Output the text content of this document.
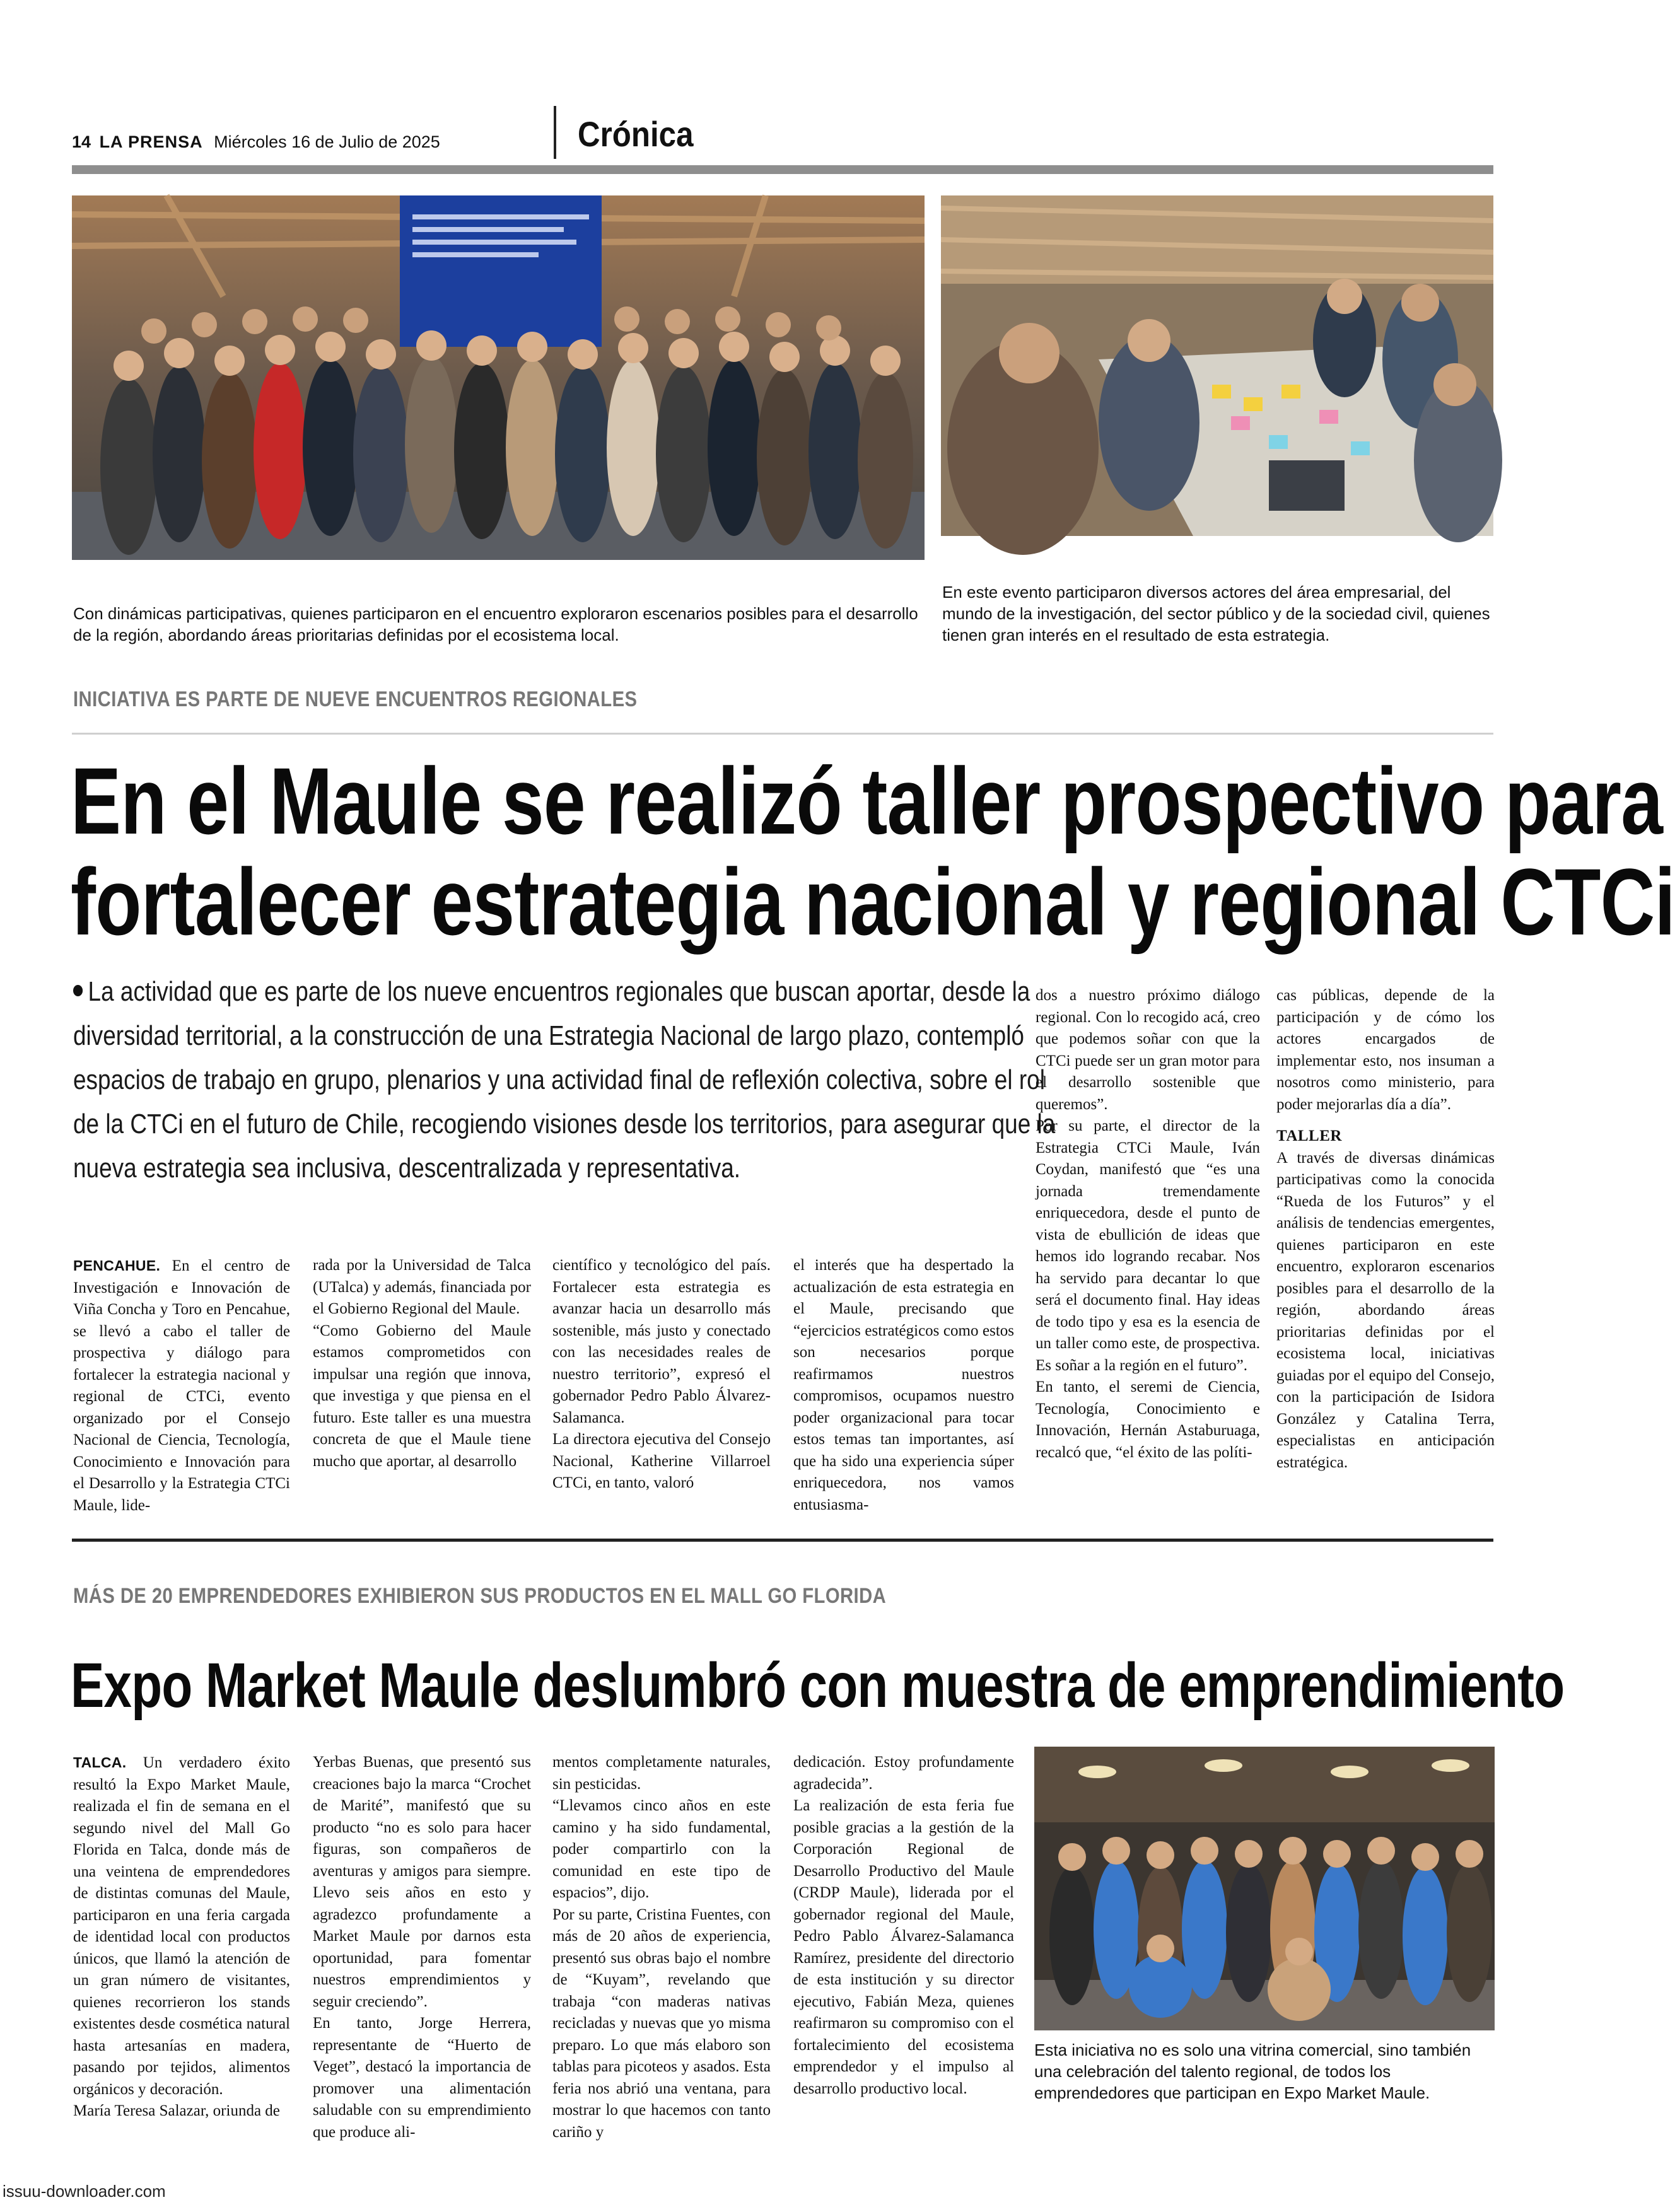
14 LA PRENSA Miércoles 16 de Julio de 2025	Crónica
Con dinámicas participativas, quienes participaron en el encuentro exploraron escenarios posibles para el desarrollo de la región, abordando áreas prioritarias definidas por el ecosistema local.
En este evento participaron diversos actores del área empresarial, del mundo de la investigación, del sector público y de la sociedad civil, quienes tienen gran interés en el resultado de esta estrategia.
INICIATIVA ES PARTE DE NUEVE ENCUENTROS REGIONALES
En el Maule se realizó taller prospectivo para
fortalecer estrategia nacional y regional CTCi
La actividad que es parte de los nueve encuentros regionales que buscan aportar, desde la diversidad territorial, a la construcción de una Estrategia Nacional de largo plazo, contempló espacios de trabajo en grupo, plenarios y una actividad final de reflexión colectiva, sobre el rol de la CTCi en el futuro de Chile, recogiendo visiones desde los territorios, para asegurar que la nueva estrategia sea inclusiva, descentralizada y representativa.

dos a nuestro próximo diálogo regional. Con lo recogido acá, creo que podemos soñar con que la CTCi puede ser un gran motor para el desarrollo sostenible que queremos”.
Por su parte, el director de la Estrategia CTCi Maule, Iván Coydan, manifestó que “es una jornada tremendamente enriquecedora, desde el punto de vista de ebullición de ideas que hemos ido logrando recabar. Nos ha servido para decantar lo que será el documento final. Hay ideas de todo tipo y esa es la esencia de un taller como este, de prospectiva. Es soñar a la región en el futuro”.
En tanto, el seremi de Ciencia, Tecnología, Conocimiento e Innovación, Hernán Astaburuaga, recalcó que, “el éxito de las políti-

cas públicas, depende de la participación y de cómo los actores encargados de implementar esto, nos insuman a nosotros como ministerio, para poder mejorarlas día a día”.

TALLER

A través de diversas dinámicas participativas como la conocida “Rueda de los Futuros” y el análisis de tendencias emergentes, quienes participaron en este encuentro, exploraron escenarios posibles para el desarrollo de la región, abordando áreas prioritarias definidas por el ecosistema local, iniciativas guiadas por el equipo del Consejo, con la participación de Isidora González y Catalina Terra, especialistas en anticipación estratégica.

PENCAHUE. En el centro de Investigación e Innovación de Viña Concha y Toro en Pencahue, se llevó a cabo el taller de prospectiva y diálogo para fortalecer la estrategia nacional y regional de CTCi, evento organizado por el Consejo Nacional de Ciencia, Tecnología, Conocimiento e Innovación para el Desarrollo y la Estrategia CTCi Maule, lide-

rada por la Universidad de Talca (UTalca) y además, financiada por el Gobierno Regional del Maule.
“Como Gobierno del Maule estamos comprometidos con impulsar una región que innova, que investiga y que piensa en el futuro. Este taller es una muestra concreta de que el Maule tiene mucho que aportar, al desarrollo

científico y tecnológico del país. Fortalecer esta estrategia es avanzar hacia un desarrollo más sostenible, más justo y conectado con las necesidades reales de nuestro territorio”, expresó el gobernador Pedro Pablo Álvarez- Salamanca.
La directora ejecutiva del Consejo Nacional, Katherine Villarroel CTCi, en tanto, valoró

el interés que ha despertado la actualización de esta estrategia en el Maule, precisando que “ejercicios estratégicos como estos son necesarios porque reafirmamos nuestros compromisos, ocupamos nuestro poder organizacional para tocar estos temas tan importantes, así que ha sido una experiencia súper enriquecedora, nos vamos entusiasma-

MÁS DE 20 EMPRENDEDORES EXHIBIERON SUS PRODUCTOS EN EL MALL GO FLORIDA
Expo Market Maule deslumbró con muestra de emprendimiento

TALCA. Un verdadero éxito resultó la Expo Market Maule, realizada el fin de semana en el segundo nivel del Mall Go Florida en Talca, donde más de una veintena de emprendedores de distintas comunas del Maule, participaron en una feria cargada de identidad local con productos únicos, que llamó la atención de un gran número de visitantes, quienes recorrieron los stands existentes desde cosmética natural hasta artesanías en madera, pasando por tejidos, alimentos orgánicos y decoración.
María Teresa Salazar, oriunda de

Yerbas Buenas, que presentó sus creaciones bajo la marca “Crochet de Marité”, manifestó que su producto “no es solo para hacer figuras, son compañeros de aventuras y amigos para siempre. Llevo seis años en esto y agradezco profundamente a Market Maule por darnos esta oportunidad, para fomentar nuestros emprendimientos y seguir creciendo”.
En tanto, Jorge Herrera, representante de “Huerto de Veget”, destacó la importancia de promover una alimentación saludable con su emprendimiento que produce ali-

mentos completamente naturales, sin pesticidas.
“Llevamos cinco años en este camino y ha sido fundamental, poder compartirlo con la comunidad en este tipo de espacios”, dijo.
Por su parte, Cristina Fuentes, con más de 20 años de experiencia, presentó sus obras bajo el nombre de “Kuyam”, revelando que trabaja “con maderas nativas recicladas y nuevas que yo misma preparo. Lo que más elaboro son tablas para picoteos y asados. Esta feria nos abrió una ventana, para mostrar lo que hacemos con tanto cariño y

dedicación. Estoy profundamente agradecida”.
La realización de esta feria fue posible gracias a la gestión de la Corporación Regional de Desarrollo Productivo del Maule (CRDP Maule), liderada por el gobernador regional del Maule, Pedro Pablo Álvarez-Salamanca Ramírez, presidente del directorio de esta institución y su director ejecutivo, Fabián Meza, quienes reafirmaron su compromiso con el fortalecimiento del ecosistema emprendedor y el impulso al desarrollo productivo local.

Esta iniciativa no es solo una vitrina comercial, sino también una celebración del talento regional, de todos los emprendedores que participan en Expo Market Maule.
issuu-downloader.com
